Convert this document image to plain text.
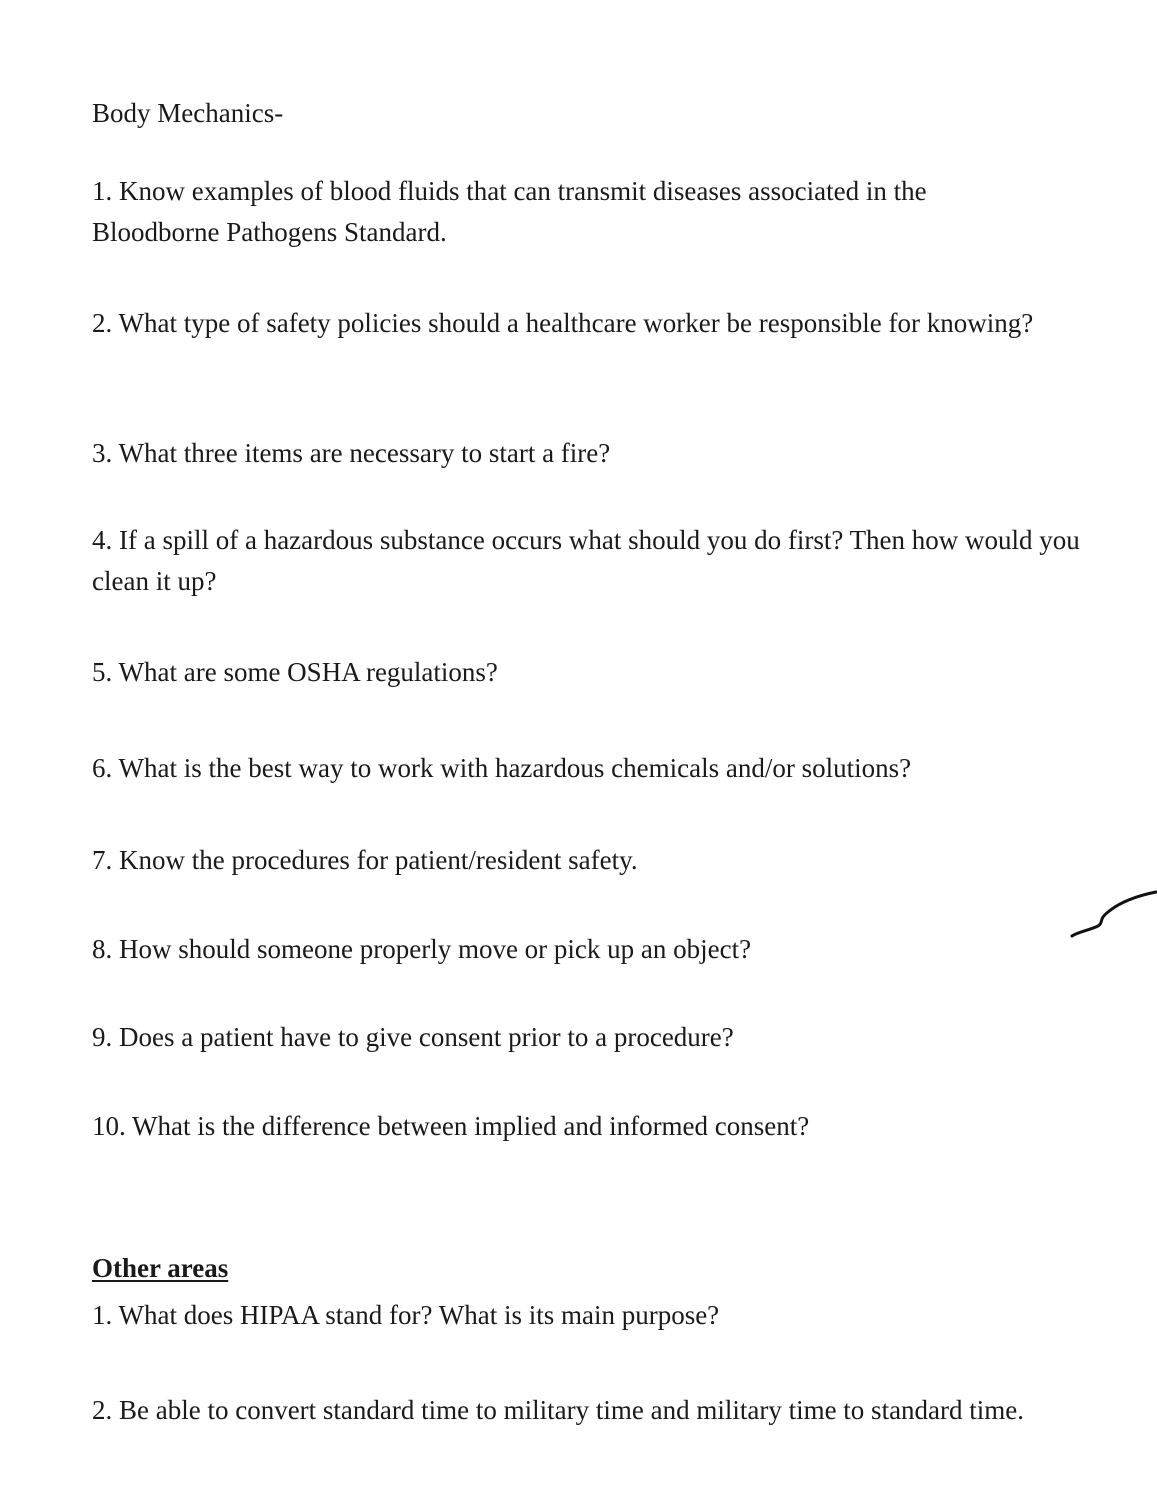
Body Mechanics-

1. Know examples of blood fluids that can transmit diseases associated in the Bloodborne Pathogens Standard.

2. What type of safety policies should a healthcare worker be responsible for knowing?

3. What three items are necessary to start a fire?

4. If a spill of a hazardous substance occurs what should you do first? Then how would you clean it up?

5. What are some OSHA regulations?

6. What is the best way to work with hazardous chemicals and/or solutions?

7. Know the procedures for patient/resident safety.

8. How should someone properly move or pick up an object?

9. Does a patient have to give consent prior to a procedure?

10. What is the difference between implied and informed consent?

Other areas

1. What does HIPAA stand for? What is its main purpose?

2. Be able to convert standard time to military time and military time to standard time.
